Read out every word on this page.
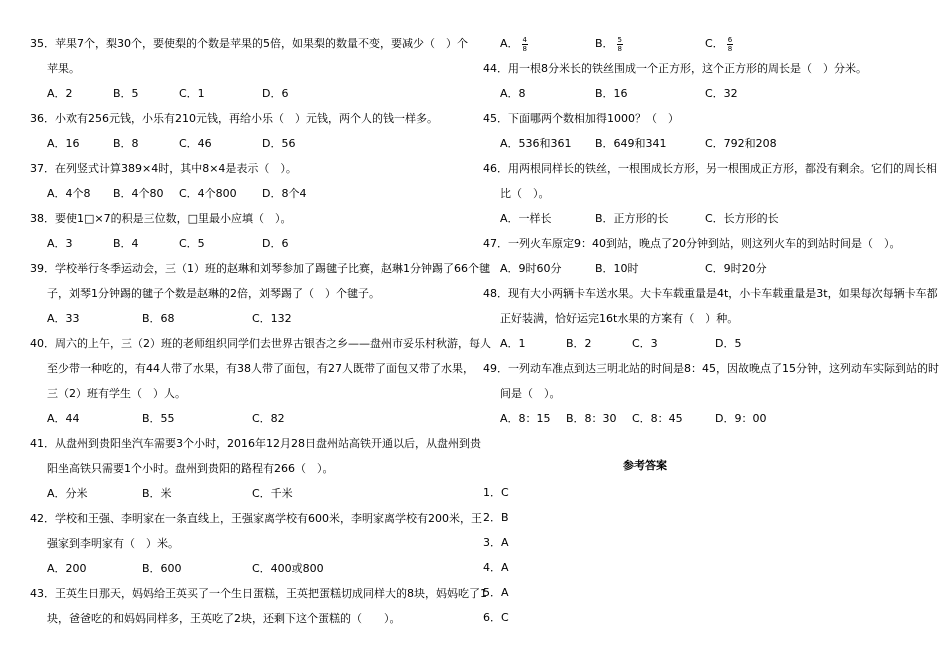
35．苹果7个，梨30个，要使梨的个数是苹果的5倍，如果梨的数量不变，要减少（　）个
苹果。
A．2	B．5	C．1	D．6
36．小欢有256元钱，小乐有210元钱，再给小乐（　）元钱，两个人的钱一样多。
A．16	B．8	C．46	D．56
37．在列竖式计算389×4时，其中8×4是表示（　）。
A．4个8 B．4个80 C．4个800 D．8个4
38．要使1□×7的积是三位数，□里最小应填（　）。
A．3	B．4	C．5	D．6
39．学校举行冬季运动会，三（1）班的赵琳和刘琴参加了踢毽子比赛，赵琳1分钟踢了66个毽
子，刘琴1分钟踢的毽子个数是赵琳的2倍，刘琴踢了（　）个毽子。
A．33	B．68	C．132
40．周六的上午，三（2）班的老师组织同学们去世界古银杏之乡——盘州市妥乐村秋游，每人
至少带一种吃的，有44人带了水果，有38人带了面包，有27人既带了面包又带了水果，
三（2）班有学生（　）人。
A．44	B．55	C．82
41．从盘州到贵阳坐汽车需要3个小时，2016年12月28日盘州站高铁开通以后，从盘州到贵
阳坐高铁只需要1个小时。盘州到贵阳的路程有266（　）。
A．分米	B．米	C．千米
42．学校和王强、李明家在一条直线上，王强家离学校有600米，李明家离学校有200米，王
强家到李明家有（　）米。
A．200	B．600	C．400或800
43．王英生日那天，妈妈给王英买了一个生日蛋糕，王英把蛋糕切成同样大的8块，妈妈吃了1
块，爸爸吃的和妈妈同样多，王英吃了2块，还剩下这个蛋糕的（　　）。
A． $\frac{4}{8}$	B． $\frac{5}{8}$	C． $\frac{6}{8}$
44．用一根8分米长的铁丝围成一个正方形，这个正方形的周长是（　）分米。
A．8	B．16	C．32
45．下面哪两个数相加得1000？（　）
A．536和361 B．649和341	C．792和208
46．用两根同样长的铁丝，一根围成长方形，另一根围成正方形，都没有剩余。它们的周长相
比（　）。
A．一样长	B．正方形的长	C．长方形的长
47．一列火车原定9：40到站，晚点了20分钟到站，则这列火车的到站时间是（　）。
A．9时60分	B．10时	C．9时20分
48．现有大小两辆卡车送水果。大卡车载重量是4t，小卡车载重量是3t，如果每次每辆卡车都
正好装满，恰好运完16t水果的方案有（　）种。
A．1	B．2	C．3	D．5
49．一列动车准点到达三明北站的时间是8：45，因故晚点了15分钟，这列动车实际到站的时
间是（　）。
A．8：15 B．8：30 C．8：45	D．9：00
参考答案
1．C
2．B
3．A
4．A
5．A
6．C
